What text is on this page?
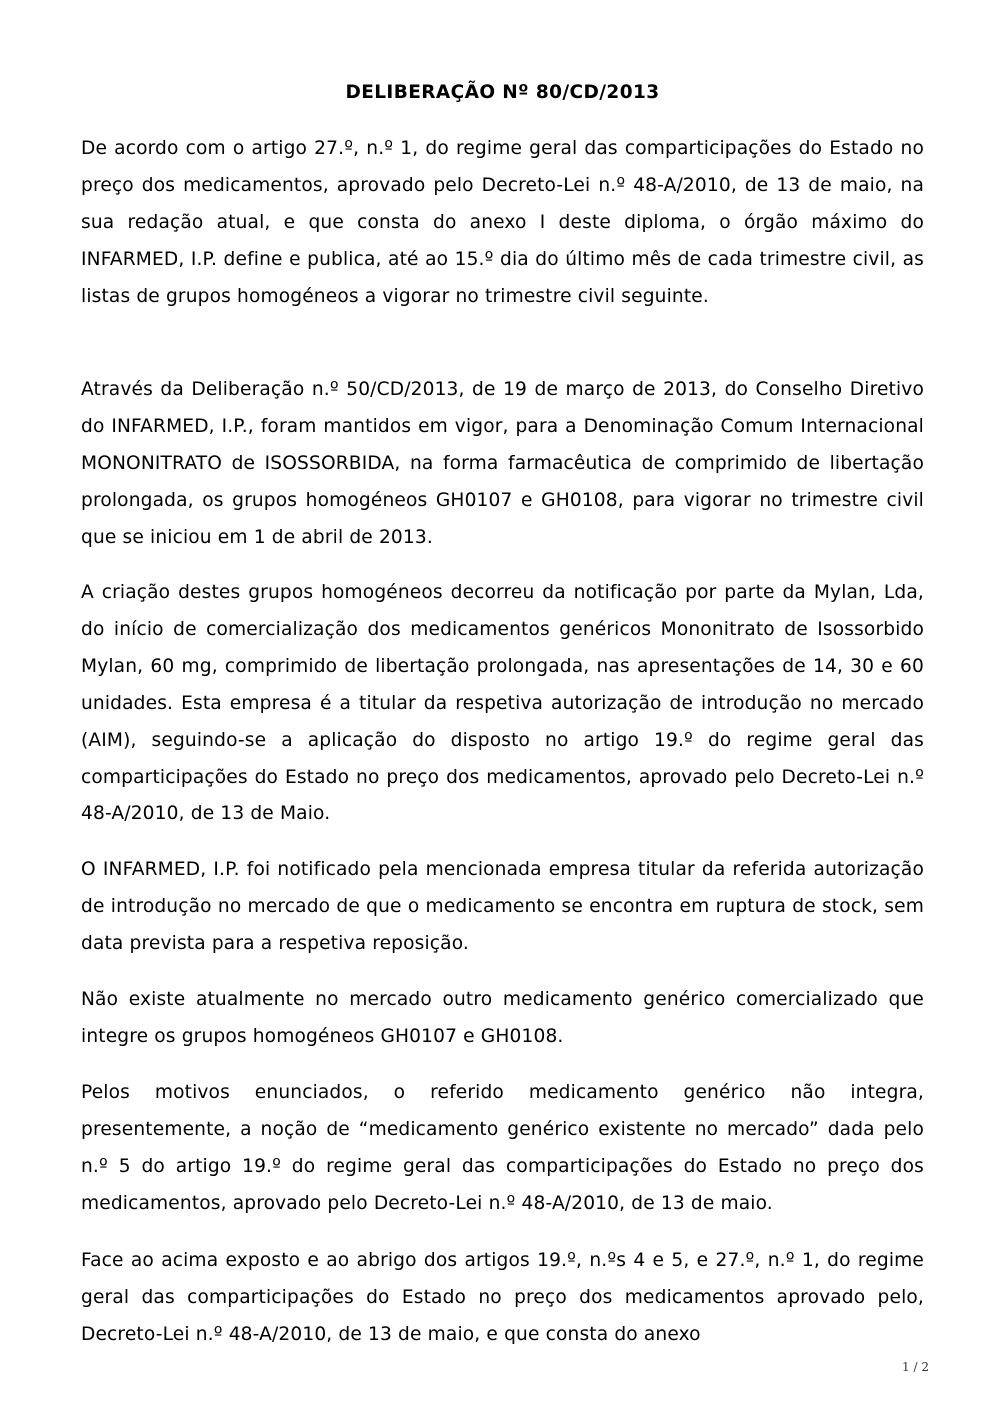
DELIBERAÇÃO Nº 80/CD/2013

De acordo com o artigo 27.º, n.º 1, do regime geral das comparticipações do Estado no preço dos medicamentos, aprovado pelo Decreto-Lei n.º 48-A/2010, de 13 de maio, na sua redação atual, e que consta do anexo I deste diploma, o órgão máximo do INFARMED, I.P. define e publica, até ao 15.º dia do último mês de cada trimestre civil, as listas de grupos homogéneos a vigorar no trimestre civil seguinte.

Através da Deliberação n.º 50/CD/2013, de 19 de março de 2013, do Conselho Diretivo do INFARMED, I.P., foram mantidos em vigor, para a Denominação Comum Internacional MONONITRATO de ISOSSORBIDA, na forma farmacêutica de comprimido de libertação prolongada, os grupos homogéneos GH0107 e GH0108, para vigorar no trimestre civil que se iniciou em 1 de abril de 2013.

A criação destes grupos homogéneos decorreu da notificação por parte da Mylan, Lda, do início de comercialização dos medicamentos genéricos Mononitrato de Isossorbido Mylan, 60 mg, comprimido de libertação prolongada, nas apresentações de 14, 30 e 60 unidades. Esta empresa é a titular da respetiva autorização de introdução no mercado (AIM), seguindo-se a aplicação do disposto no artigo 19.º do regime geral das comparticipações do Estado no preço dos medicamentos, aprovado pelo Decreto-Lei n.º 48-A/2010, de 13 de Maio.

O INFARMED, I.P. foi notificado pela mencionada empresa titular da referida autorização de introdução no mercado de que o medicamento se encontra em ruptura de stock, sem data prevista para a respetiva reposição.

Não existe atualmente no mercado outro medicamento genérico comercializado que integre os grupos homogéneos GH0107 e GH0108.

Pelos motivos enunciados, o referido medicamento genérico não integra, presentemente, a noção de “medicamento genérico existente no mercado” dada pelo n.º 5 do artigo 19.º do regime geral das comparticipações do Estado no preço dos medicamentos, aprovado pelo Decreto-Lei n.º 48-A/2010, de 13 de maio.

Face ao acima exposto e ao abrigo dos artigos 19.º, n.ºs 4 e 5, e 27.º, n.º 1, do regime geral das comparticipações do Estado no preço dos medicamentos aprovado pelo, Decreto-Lei n.º 48-A/2010, de 13 de maio, e que consta do anexo

1 / 2
